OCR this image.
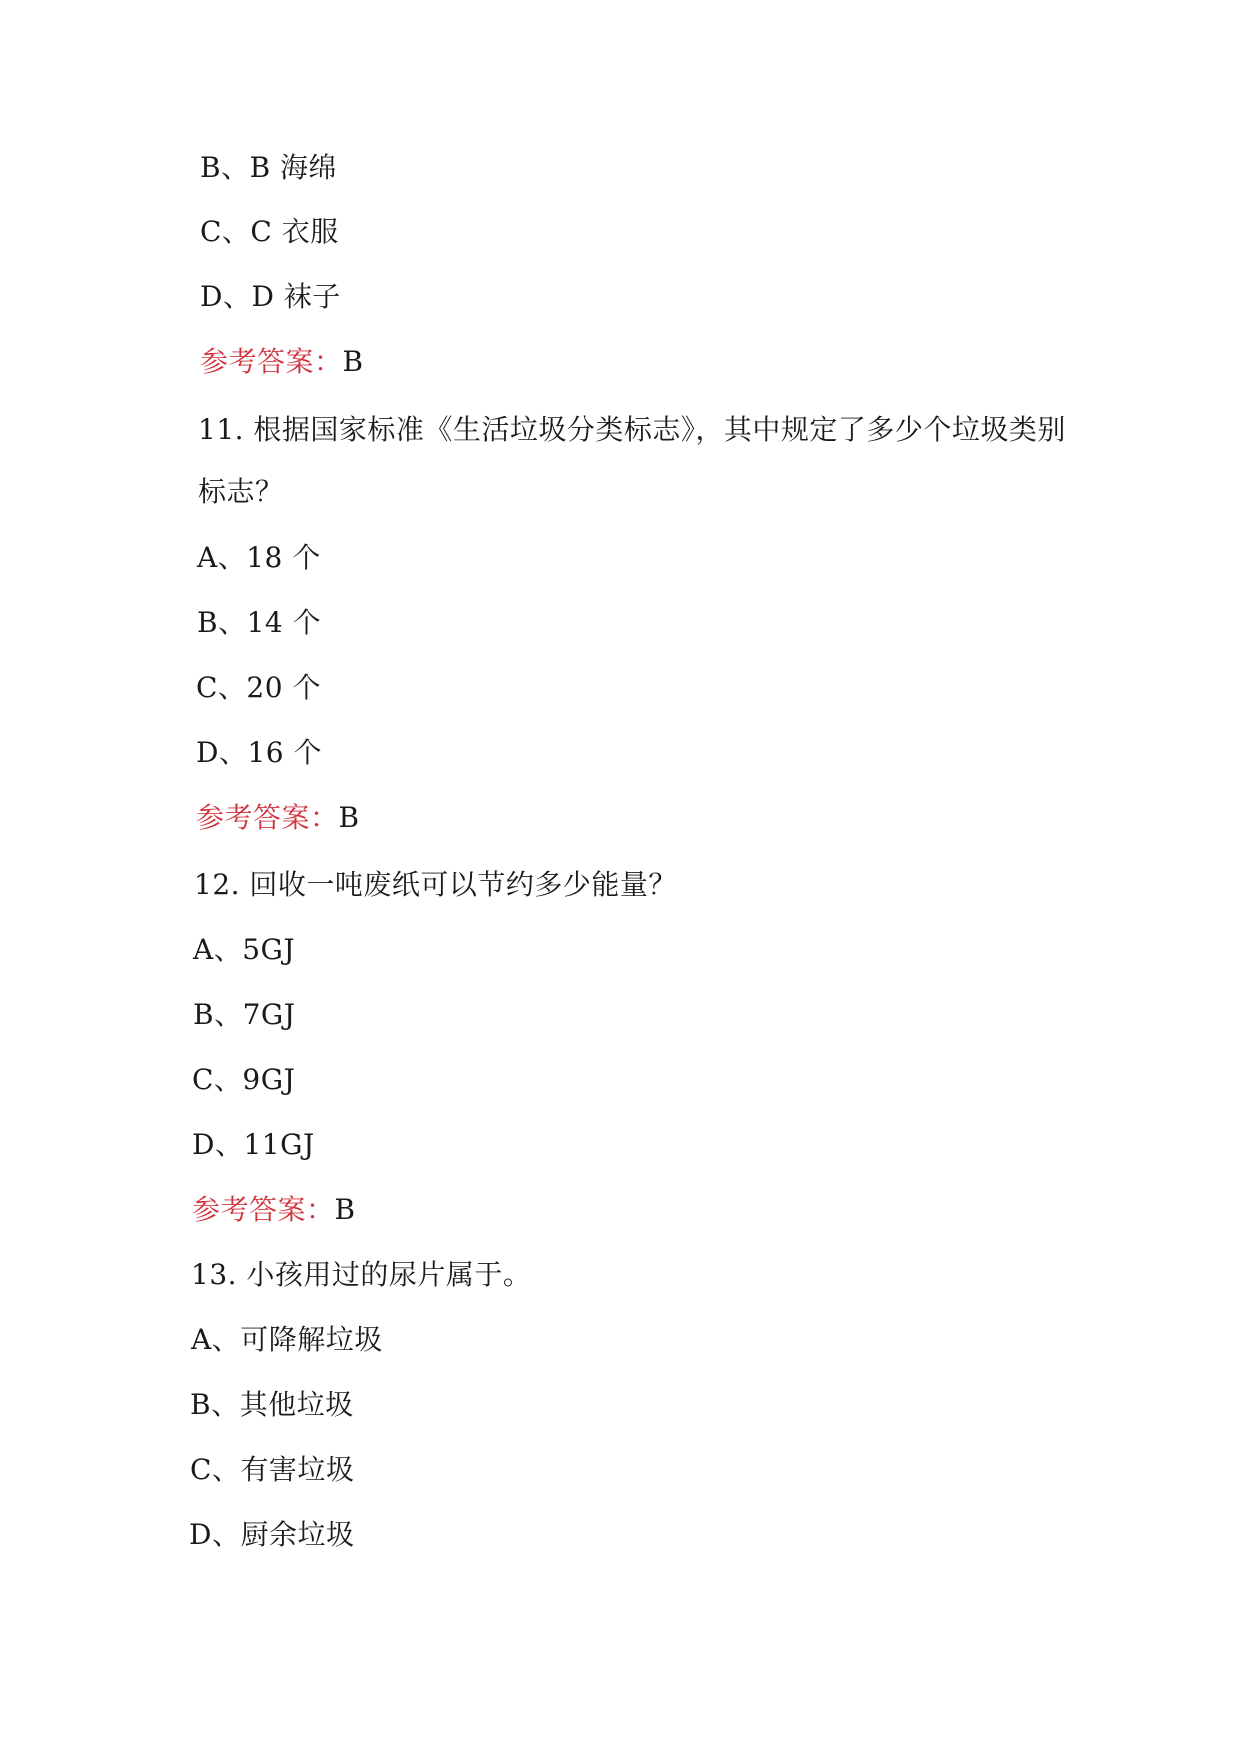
B、B 海绵
C、C 衣服
D、D 袜子
参考答案：B
11. 根据国家标准《生活垃圾分类标志》，其中规定了多少个垃圾类别
标志？
A、18 个
B、14 个
C、20 个
D、16 个
参考答案：B
12. 回收一吨废纸可以节约多少能量？
A、5GJ
B、7GJ
C、9GJ
D、11GJ
参考答案：B
13. 小孩用过的尿片属于。
A、可降解垃圾
B、其他垃圾
C、有害垃圾
D、厨余垃圾
